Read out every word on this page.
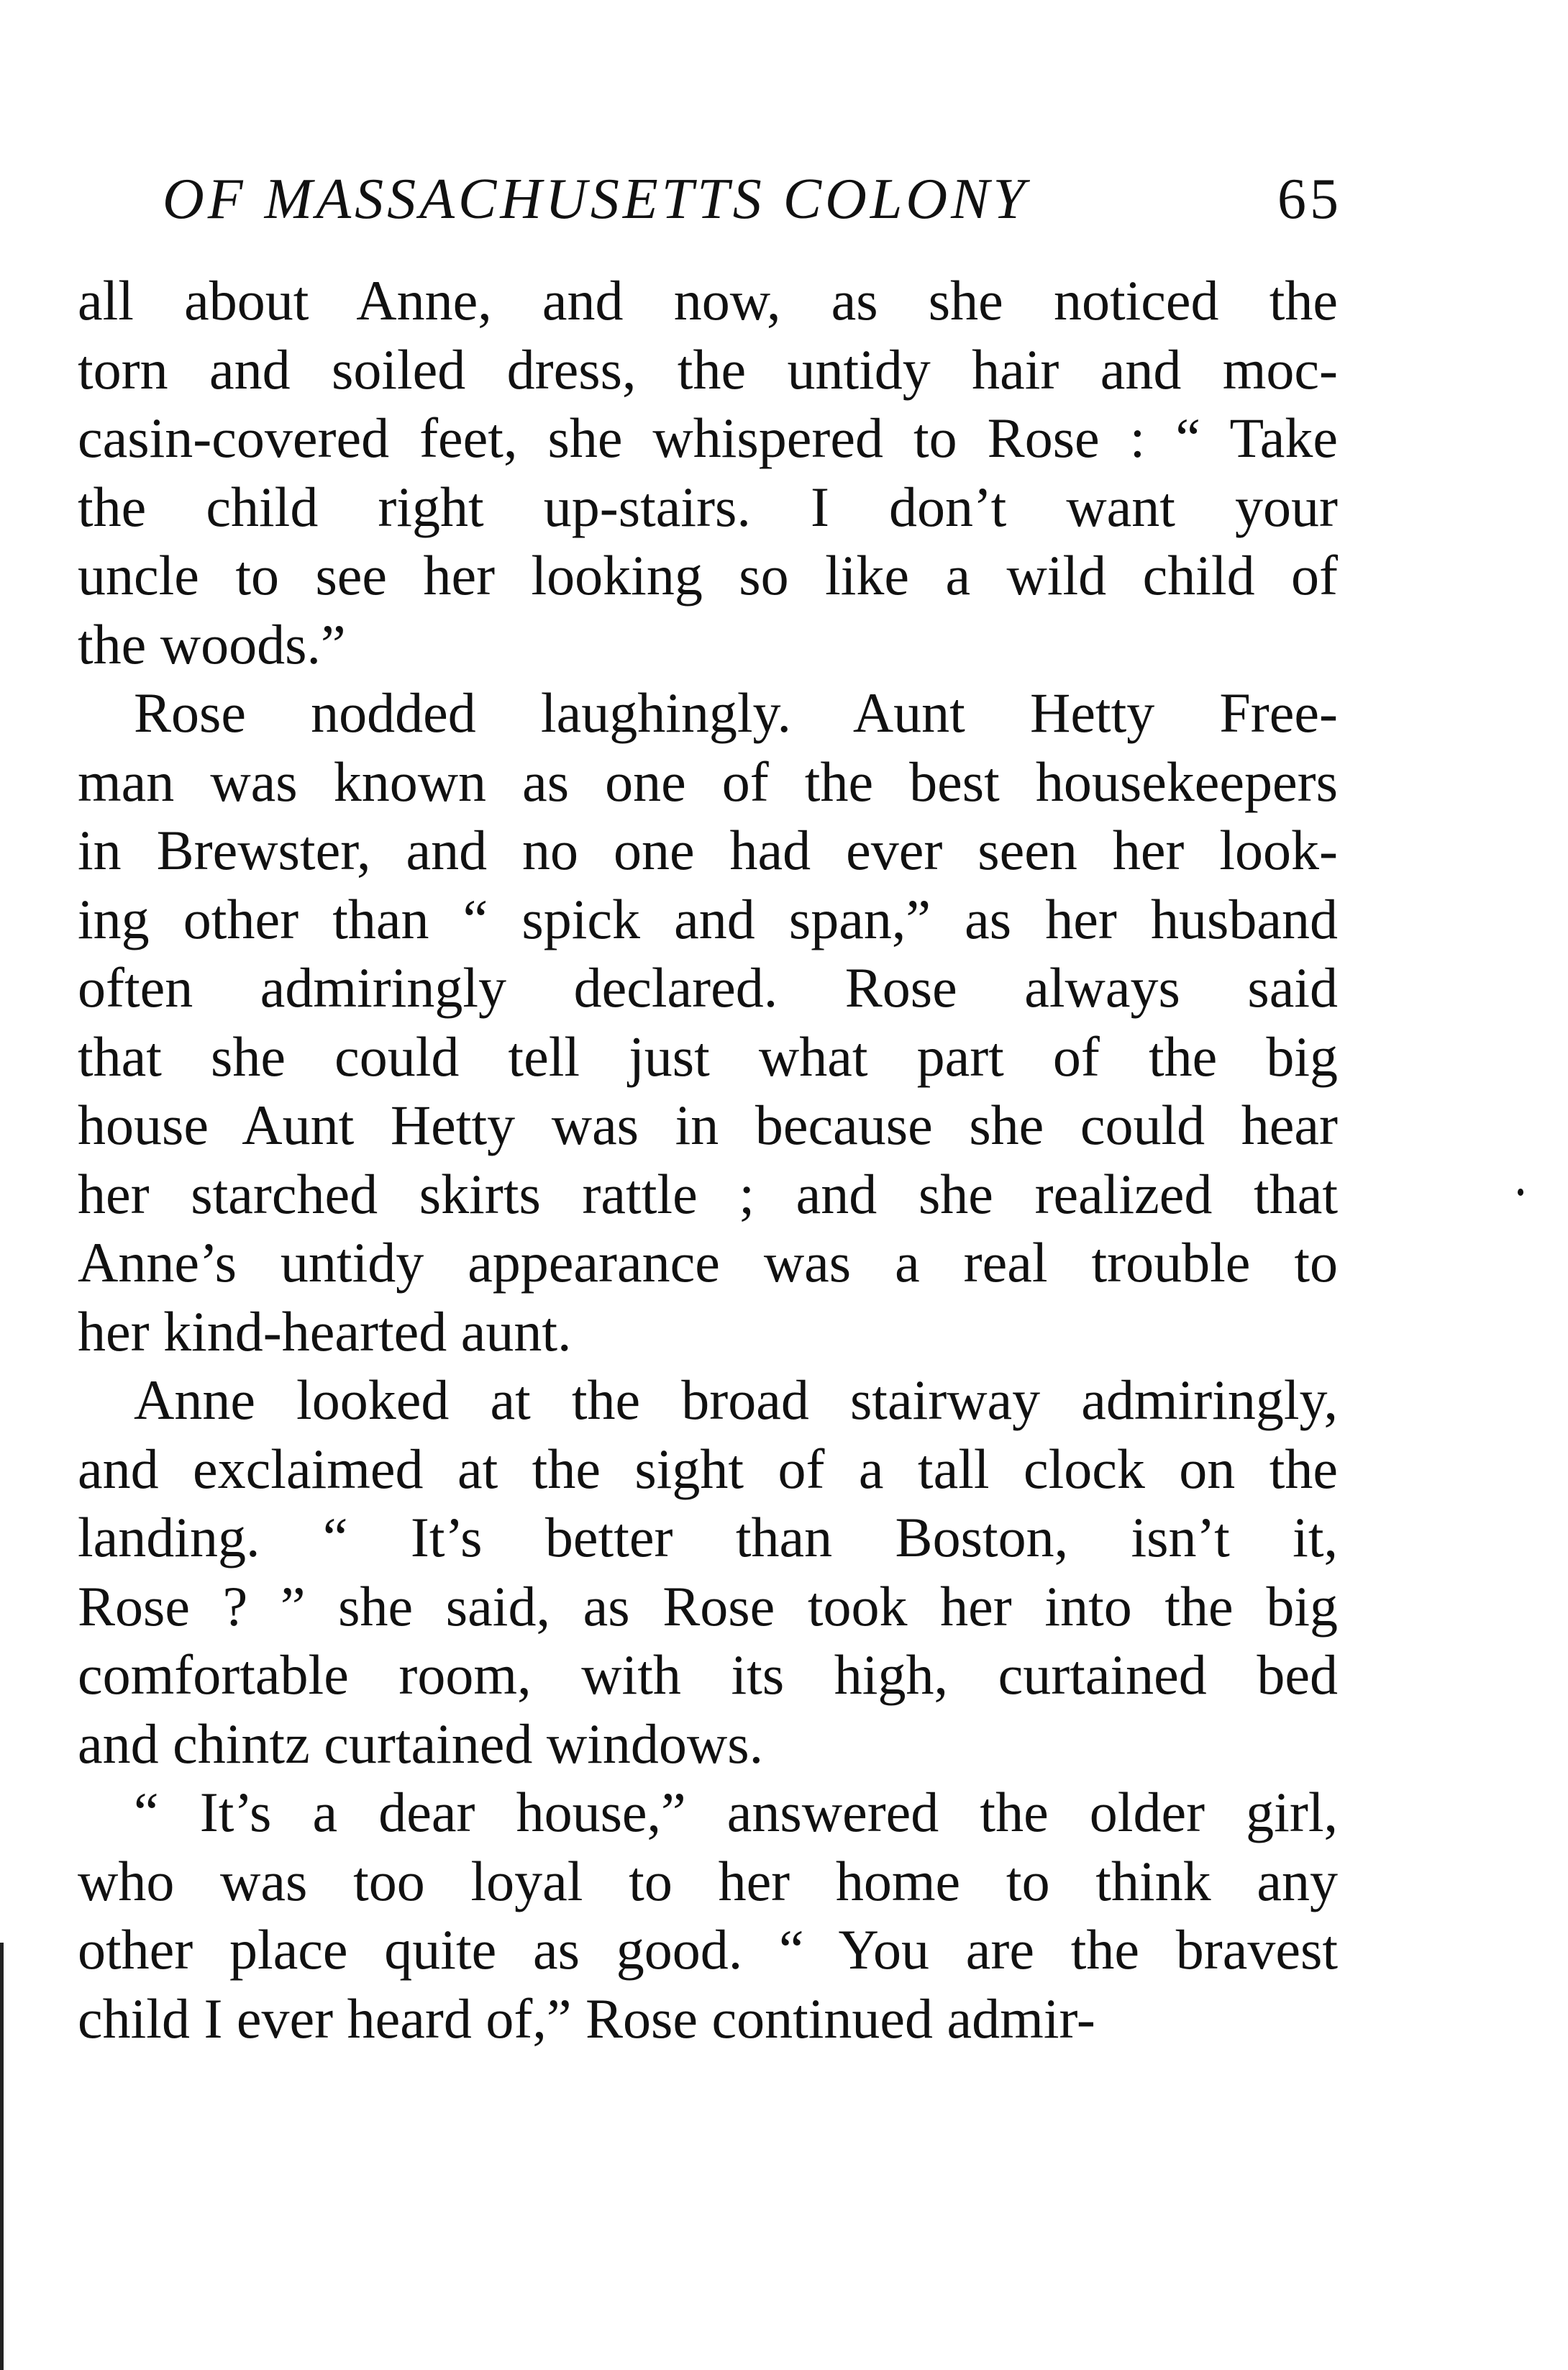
OF MASSACHUSETTS COLONY	65
all about Anne, and now, as she noticed the
torn and soiled dress, the untidy hair and moc-
casin-covered feet, she whispered to Rose : “ Take
the child right up-stairs. I don’t want your
uncle to see her looking so like a wild child of
the woods.”
Rose nodded laughingly. Aunt Hetty Free-
man was known as one of the best housekeepers
in Brewster, and no one had ever seen her look-
ing other than “ spick and span,” as her husband
often admiringly declared. Rose always said
that she could tell just what part of the big
house Aunt Hetty was in because she could hear
her starched skirts rattle ; and she realized that
Anne’s untidy appearance was a real trouble to
her kind-hearted aunt.
Anne looked at the broad stairway admiringly,
and exclaimed at the sight of a tall clock on the
landing. “ It’s better than Boston, isn’t it,
Rose ? ” she said, as Rose took her into the big
comfortable room, with its high, curtained bed
and chintz curtained windows.
“ It’s a dear house,” answered the older girl,
who was too loyal to her home to think any
other place quite as good. “ You are the bravest
child I ever heard of,” Rose continued admir-
